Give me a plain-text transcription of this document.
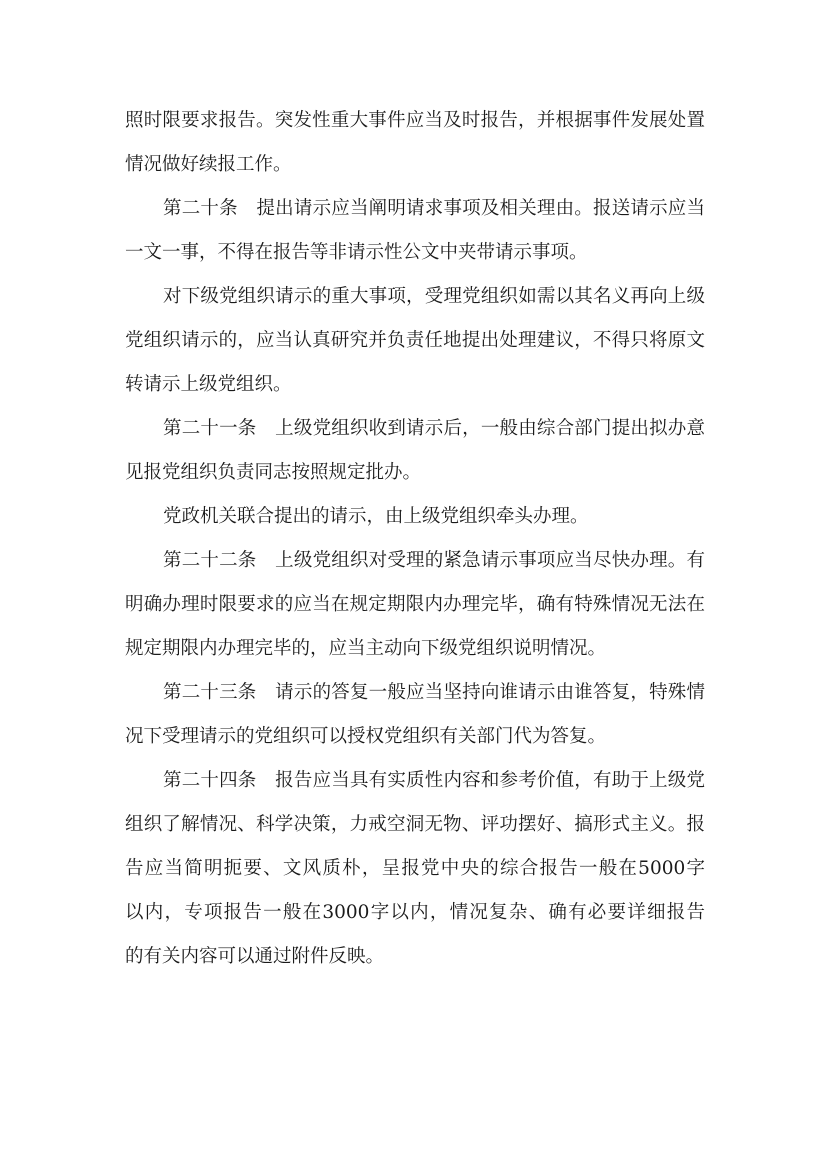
照时限要求报告。突发性重大事件应当及时报告，并根据事件发展处置
情况做好续报工作。
第二十条　提出请示应当阐明请求事项及相关理由。报送请示应当
一文一事，不得在报告等非请示性公文中夹带请示事项。
对下级党组织请示的重大事项，受理党组织如需以其名义再向上级
党组织请示的，应当认真研究并负责任地提出处理建议，不得只将原文
转请示上级党组织。
第二十一条　上级党组织收到请示后，一般由综合部门提出拟办意
见报党组织负责同志按照规定批办。
党政机关联合提出的请示，由上级党组织牵头办理。
第二十二条　上级党组织对受理的紧急请示事项应当尽快办理。有
明确办理时限要求的应当在规定期限内办理完毕，确有特殊情况无法在
规定期限内办理完毕的，应当主动向下级党组织说明情况。
第二十三条　请示的答复一般应当坚持向谁请示由谁答复，特殊情
况下受理请示的党组织可以授权党组织有关部门代为答复。
第二十四条　报告应当具有实质性内容和参考价值，有助于上级党
组织了解情况、科学决策，力戒空洞无物、评功摆好、搞形式主义。报
告应当简明扼要、文风质朴，呈报党中央的综合报告一般在5000字
以内，专项报告一般在3000字以内，情况复杂、确有必要详细报告
的有关内容可以通过附件反映。
